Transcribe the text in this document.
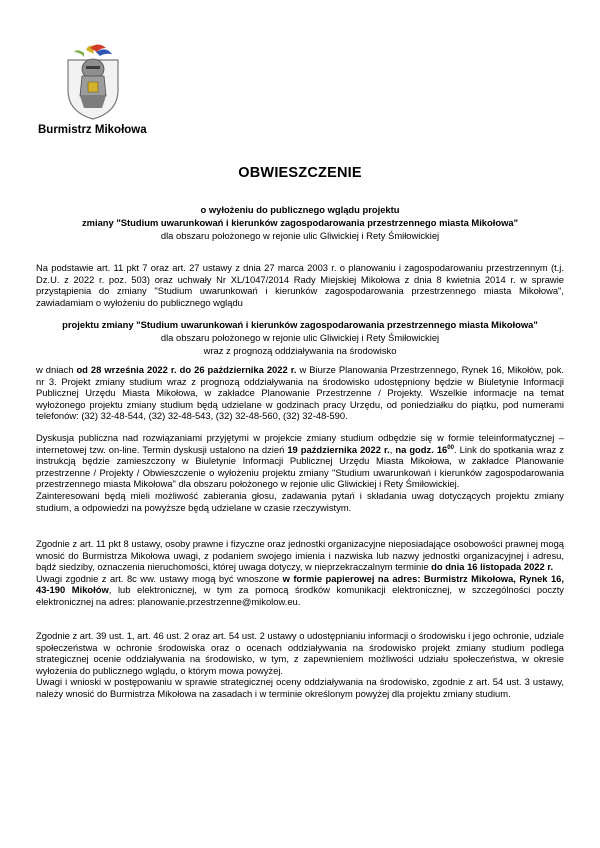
Burmistrz Mikołowa
OBWIESZCZENIE
o wyłożeniu do publicznego wglądu projektu
zmiany "Studium uwarunkowań i kierunków zagospodarowania przestrzennego miasta Mikołowa"
dla obszaru położonego w rejonie ulic Gliwickiej i Rety Śmiłowickiej

Na podstawie art. 11 pkt 7 oraz art. 27 ustawy z dnia 27 marca 2003 r. o planowaniu i zagospodarowaniu przestrzennym (t.j. Dz.U. z 2022 r. poz. 503) oraz uchwały Nr XL/1047/2014 Rady Miejskiej Mikołowa z dnia 8 kwietnia 2014 r. w sprawie przystąpienia do zmiany "Studium uwarunkowań i kierunków zagospodarowania przestrzennego miasta Mikołowa", zawiadamiam o wyłożeniu do publicznego wglądu

projektu zmiany "Studium uwarunkowań i kierunków zagospodarowania przestrzennego miasta Mikołowa"
dla obszaru położonego w rejonie ulic Gliwickiej i Rety Śmiłowickiej
wraz z prognozą oddziaływania na środowisko

w dniach od 28 września 2022 r. do 26 października 2022 r. w Biurze Planowania Przestrzennego, Rynek 16, Mikołów, pok. nr 3. Projekt zmiany studium wraz z prognozą oddziaływania na środowisko udostępniony będzie w Biuletynie Informacji Publicznej Urzędu Miasta Mikołowa, w zakładce Planowanie Przestrzenne / Projekty. Wszelkie informacje na temat wyłożonego projektu zmiany studium będą udzielane w godzinach pracy Urzędu, od poniedziałku do piątku, pod numerami telefonów: (32) 32-48-544, (32) 32-48-543, (32) 32-48-560, (32) 32-48-590.

Dyskusja publiczna nad rozwiązaniami przyjętymi w projekcie zmiany studium odbędzie się w formie teleinformatycznej – internetowej tzw. on-line. Termin dyskusji ustalono na dzień 19 października 2022 r., na godz. $16^{00}$. Link do spotkania wraz z instrukcją będzie zamieszczony w Biuletynie Informacji Publicznej Urzędu Miasta Mikołowa, w zakładce Planowanie przestrzenne / Projekty / Obwieszczenie o wyłożeniu projektu zmiany "Studium uwarunkowań i kierunków zagospodarowania przestrzennego miasta Mikołowa" dla obszaru położonego w rejonie ulic Gliwickiej i Rety Śmiłowickiej.

Zainteresowani będą mieli możliwość zabierania głosu, zadawania pytań i składania uwag dotyczących projektu zmiany studium, a odpowiedzi na powyższe będą udzielane w czasie rzeczywistym.

Zgodnie z art. 11 pkt 8 ustawy, osoby prawne i fizyczne oraz jednostki organizacyjne nieposiadające osobowości prawnej mogą wnosić do Burmistrza Mikołowa uwagi, z podaniem swojego imienia i nazwiska lub nazwy jednostki organizacyjnej i adresu, bądź siedziby, oznaczenia nieruchomości, której uwaga dotyczy, w nieprzekraczalnym terminie do dnia 16 listopada 2022 r.

Uwagi zgodnie z art. 8c ww. ustawy mogą być wnoszone w formie papierowej na adres: Burmistrz Mikołowa, Rynek 16, 43-190 Mikołów, lub elektronicznej, w tym za pomocą środków komunikacji elektronicznej, w szczególności poczty elektronicznej na adres: planowanie.przestrzenne@mikolow.eu.

Zgodnie z art. 39 ust. 1, art. 46 ust. 2 oraz art. 54 ust. 2 ustawy o udostępnianiu informacji o środowisku i jego ochronie, udziale społeczeństwa w ochronie środowiska oraz o ocenach oddziaływania na środowisko projekt zmiany studium podlega strategicznej ocenie oddziaływania na środowisko, w tym, z zapewnieniem możliwości udziału społeczeństwa, w okresie wyłożenia do publicznego wglądu, o którym mowa powyżej.

Uwagi i wnioski w postępowaniu w sprawie strategicznej oceny oddziaływania na środowisko, zgodnie z art. 54 ust. 3 ustawy, należy wnosić do Burmistrza Mikołowa na zasadach i w terminie określonym powyżej dla projektu zmiany studium.
